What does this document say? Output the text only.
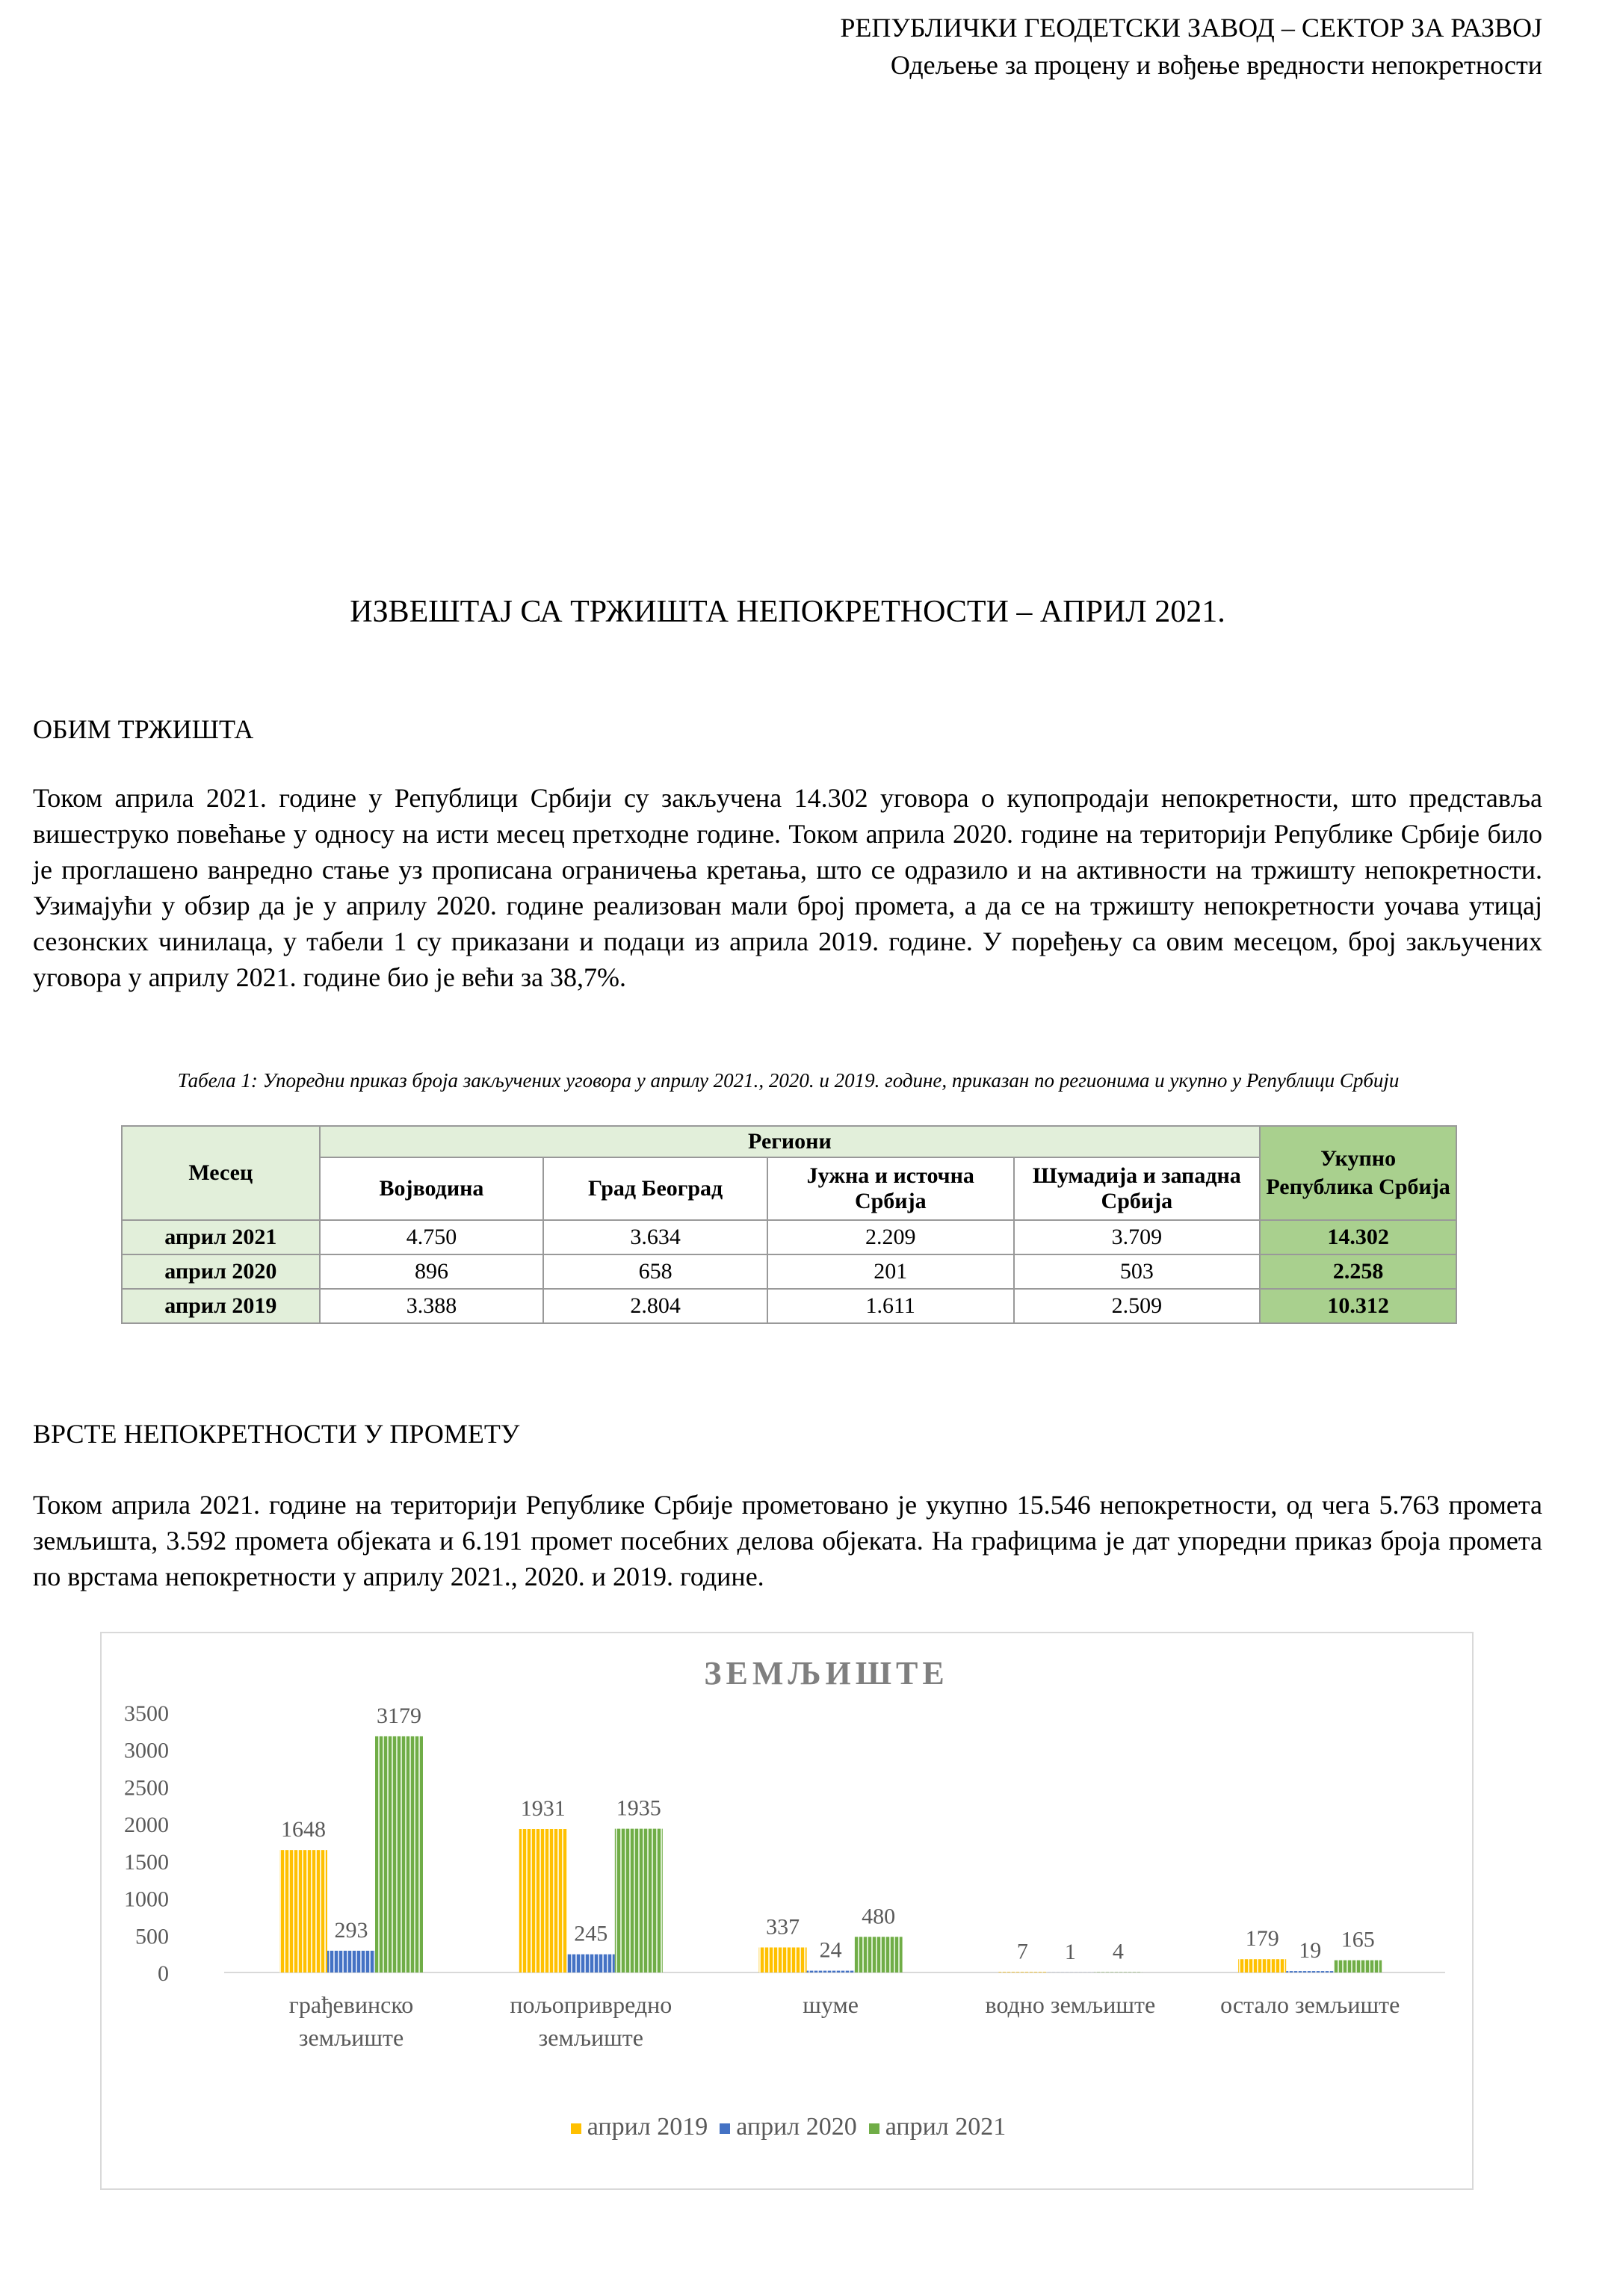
РЕПУБЛИЧКИ ГЕОДЕТСКИ ЗАВОД – СЕКТОР ЗА РАЗВОЈ
Одељење за процену и вођење вредности непокретности
ИЗВЕШТАЈ СА ТРЖИШТА НЕПОКРЕТНОСТИ – АПРИЛ 2021.
ОБИМ ТРЖИШТА

Током априла 2021. године у Републици Србији су закључена 14.302 уговора о купопродаји непокретности, што представља вишеструко повећање у односу на исти месец претходне године. Током априла 2020. године на територији Републике Србије било је проглашено ванредно стање уз прописана ограничења кретања, што се одразило и на активности на тржишту непокретности. Узимајући у обзир да је у априлу 2020. године реализован мали број промета, а да се на тржишту непокретности уочава утицај сезонских чинилаца, у табели 1 су приказани и подаци из априла 2019. године. У поређењу са овим месецом, број закључених уговора у априлу 2021. године био је већи за 38,7%.

Табела 1: Упоредни приказ броја закључених уговора у априлу 2021., 2020. и 2019. године, приказан по регионима и укупно у Републици Србији
Месец	Региони				Укупно Република Србија
	Војводина	Град Београд	Јужна и источна Србија	Шумадија и западна Србија	
април 2021	4.750	3.634	2.209	3.709	14.302
април 2020	896	658	201	503	2.258
април 2019	3.388	2.804	1.611	2.509	10.312
ВРСТЕ НЕПОКРЕТНОСТИ У ПРОМЕТУ

Током априла 2021. године на територији Републике Србије прометовано је укупно 15.546 непокретности, од чега 5.763 промета земљишта, 3.592 промета објеката и 6.191 промет посебних делова објеката. На графицима је дат упоредни приказ броја промета по врстама непокретности у априлу 2021., 2020. и 2019. године.

ЗЕМЉИШТЕ
0
500
1000
1500
2000
2500
3000
3500
1648
293
3179
грађевинско
земљиште
1931
245
1935
пољопривредно
земљиште
337
24
480
шуме
7 1 4
водно земљиште
179 19 165
остало земљиште
април 2019 април 2020 април 2021
